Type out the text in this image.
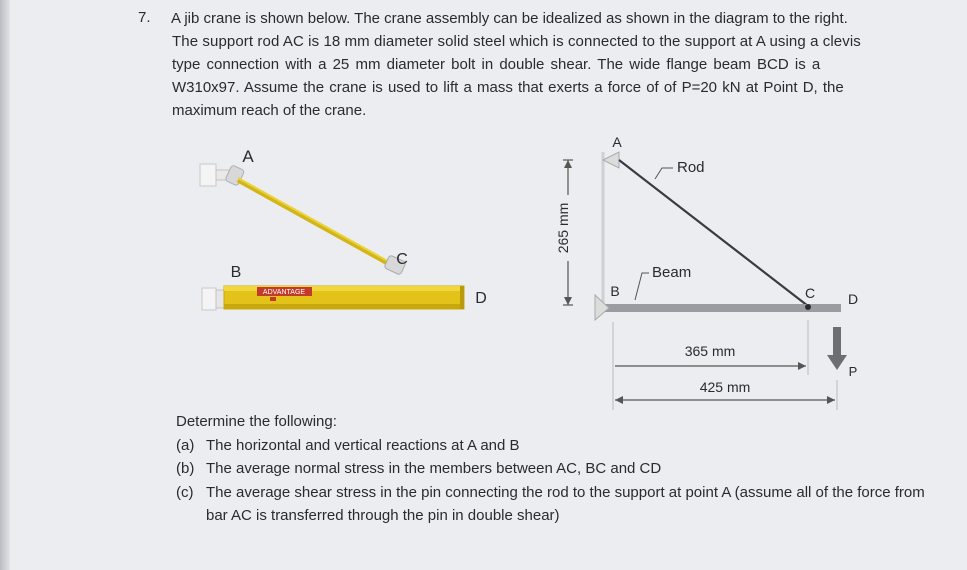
7. A jib crane is shown below. The crane assembly can be idealized as shown in the diagram to the right.
The support rod AC is 18 mm diameter solid steel which is connected to the support at A using a clevis
type connection with a 25 mm diameter bolt in double shear. The wide flange beam BCD is a
W310x97. Assume the crane is used to lift a mass that exerts a force of of P=20 kN at Point D, the
maximum reach of the crane.

ADVANTAGE
A
B
C
D
265 mm
A
Rod
Beam
B	C D
P
365 mm
425 mm
Determine the following:
(a) The horizontal and vertical reactions at A and B
(b) The average normal stress in the members between AC, BC and CD
(c) The average shear stress in the pin connecting the rod to the support at point A (assume all of the force from bar AC is transferred through the pin in double shear)
